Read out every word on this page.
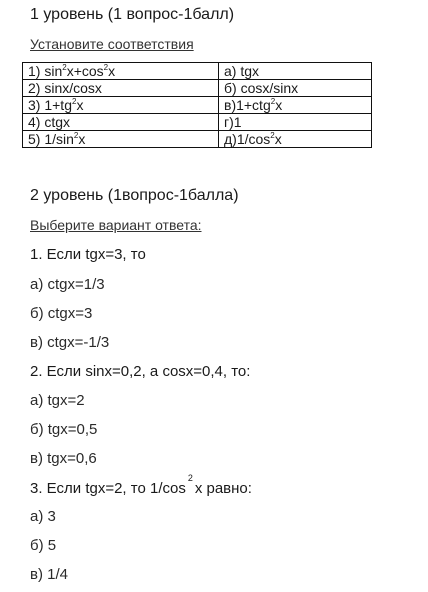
1 уровень (1 вопрос-1балл)
Установите соответствия
1) $\sin^2x+\cos^2x$	а) tgx
2) sinx/cosx	б) cosx/sinx
3) $1+tg^2x$	в)1+ctg$^2$x
4) ctgx	г)1
5) $1/\sin^2x$	$д)1/\cos^2x$
2 уровень (1вопрос-1балла)
Выберите вариант ответа:
1. Если tgx=3, то
а) ctgx=1/3
б) ctgx=3
в) ctgx=-1/3
2. Если sinx=0,2, а cosx=0,4, то:
а) tgx=2
б) tgx=0,5
в) tgx=0,6
3. Если tgx=2, то 1/cos
2
x равно:
а) 3
б) 5
в) 1/4
